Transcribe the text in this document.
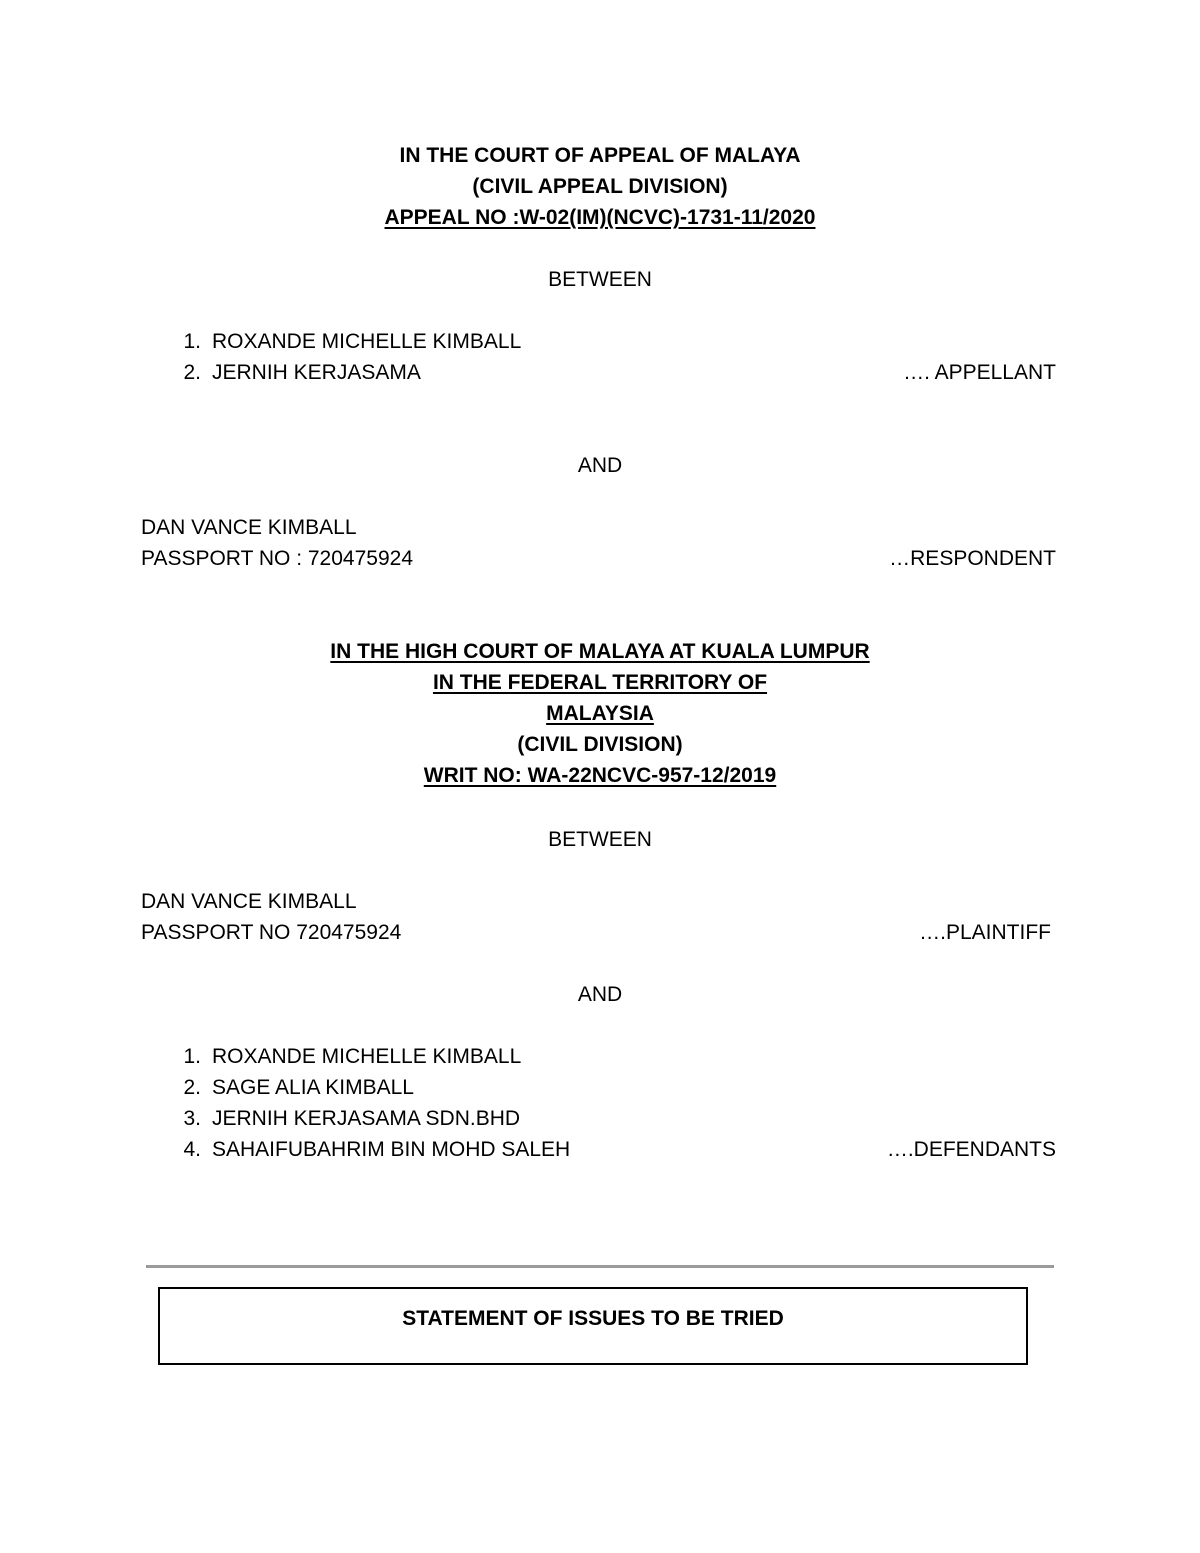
IN THE COURT OF APPEAL OF MALAYA
(CIVIL APPEAL DIVISION)
APPEAL NO :W-02(IM)(NCVC)-1731-11/2020
BETWEEN
1. ROXANDE MICHELLE KIMBALL
2. JERNIH KERJASAMA	…. APPELLANT
AND
DAN VANCE KIMBALL
PASSPORT NO : 720475924	…RESPONDENT
IN THE HIGH COURT OF MALAYA AT KUALA LUMPUR
IN THE FEDERAL TERRITORY OF
MALAYSIA
(CIVIL DIVISION)
WRIT NO: WA-22NCVC-957-12/2019
BETWEEN
DAN VANCE KIMBALL
PASSPORT NO 720475924	….PLAINTIFF
AND
1. ROXANDE MICHELLE KIMBALL
2. SAGE ALIA KIMBALL
3. JERNIH KERJASAMA SDN.BHD
4. SAHAIFUBAHRIM BIN MOHD SALEH	….DEFENDANTS
STATEMENT OF ISSUES TO BE TRIED
